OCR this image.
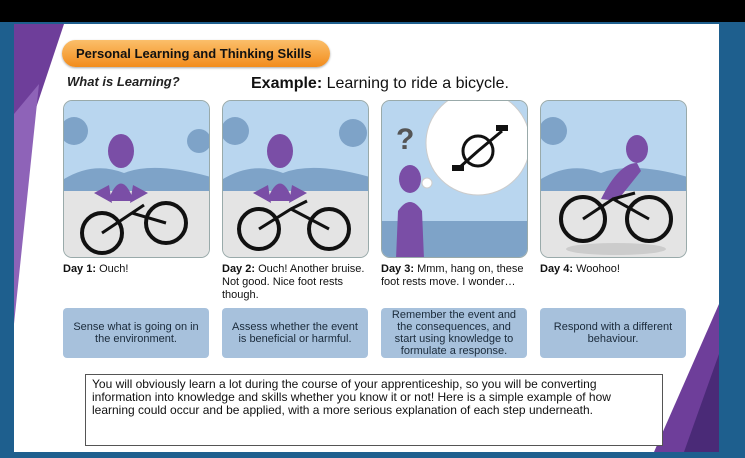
Personal Learning and Thinking Skills
What is Learning?	Example: Learning to ride a bicycle.
?
Day 1: Ouch!	Day 2: Ouch! Another bruise. Not good. Nice foot rests though.
Day 3: Mmm, hang on, these foot rests move. I wonder…
Day 4: Woohoo!
Sense what is going on in the environment.
Assess whether the event is beneficial or harmful.
Remember the event and the consequences, and start using knowledge to formulate a response.
Respond with a different behaviour.
You will obviously learn a lot during the course of your apprenticeship, so you will be converting information into knowledge and skills whether you know it or not! Here is a simple example of how learning could occur and be applied, with a more serious explanation of each step underneath.
